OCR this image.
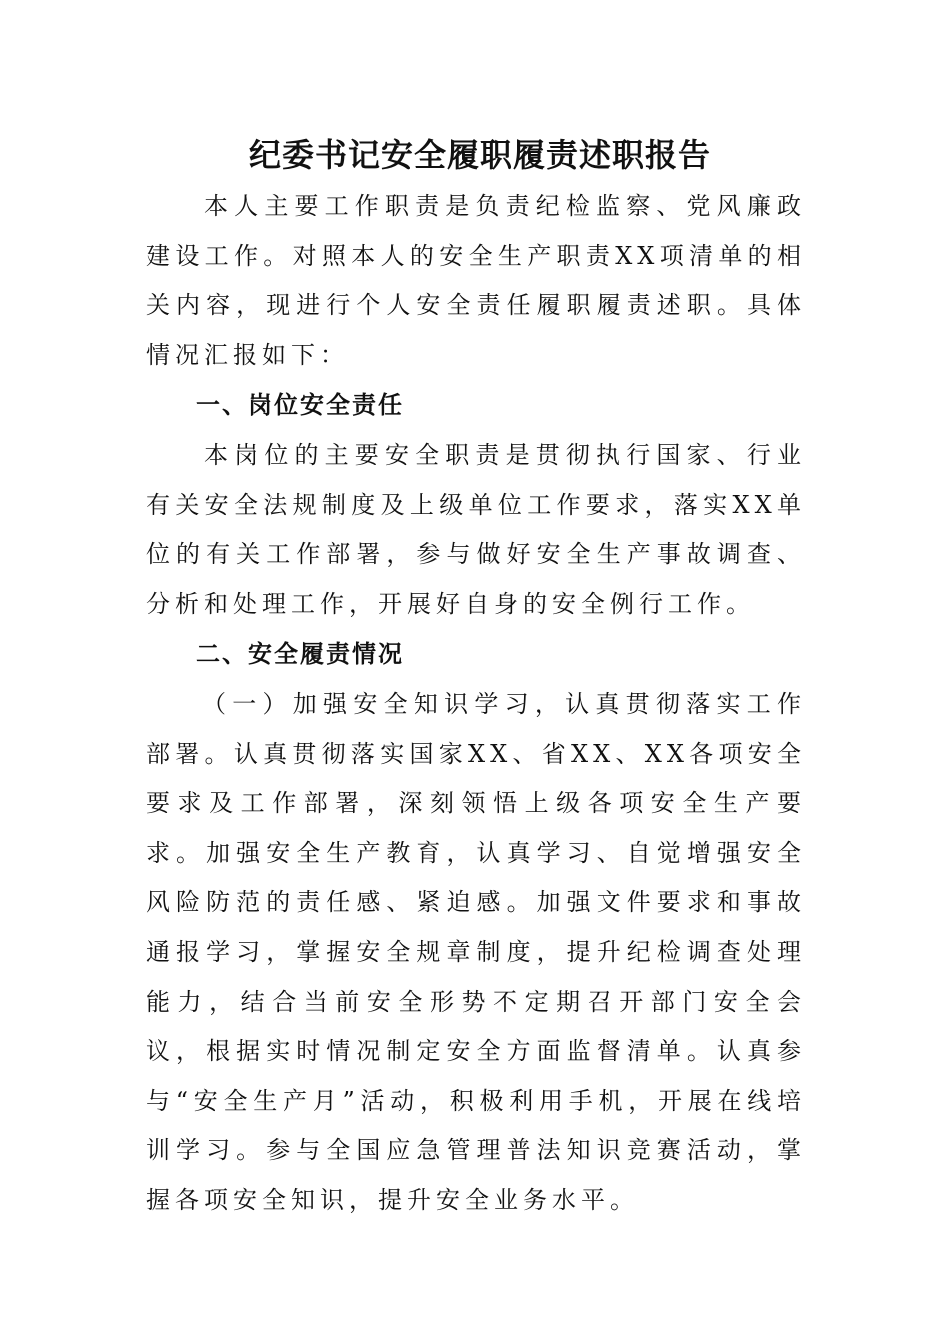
纪委书记安全履职履责述职报告

本人主要工作职责是负责纪检监察、党风廉政建设工作。对照本人的安全生产职责XX项清单的相关内容，现进行个人安全责任履职履责述职。具体情况汇报如下：

一、岗位安全责任

本岗位的主要安全职责是贯彻执行国家、行业有关安全法规制度及上级单位工作要求，落实XX单位的有关工作部署，参与做好安全生产事故调查、分析和处理工作，开展好自身的安全例行工作。

二、安全履责情况

（一）加强安全知识学习，认真贯彻落实工作部署。认真贯彻落实国家XX、省XX、XX各项安全要求及工作部署，深刻领悟上级各项安全生产要求。加强安全生产教育，认真学习、自觉增强安全风险防范的责任感、紧迫感。加强文件要求和事故通报学习，掌握安全规章制度，提升纪检调查处理能力，结合当前安全形势不定期召开部门安全会议，根据实时情况制定安全方面监督清单。认真参与“安全生产月”活动，积极利用手机，开展在线培训学习。参与全国应急管理普法知识竞赛活动，掌握各项安全知识，提升安全业务水平。
